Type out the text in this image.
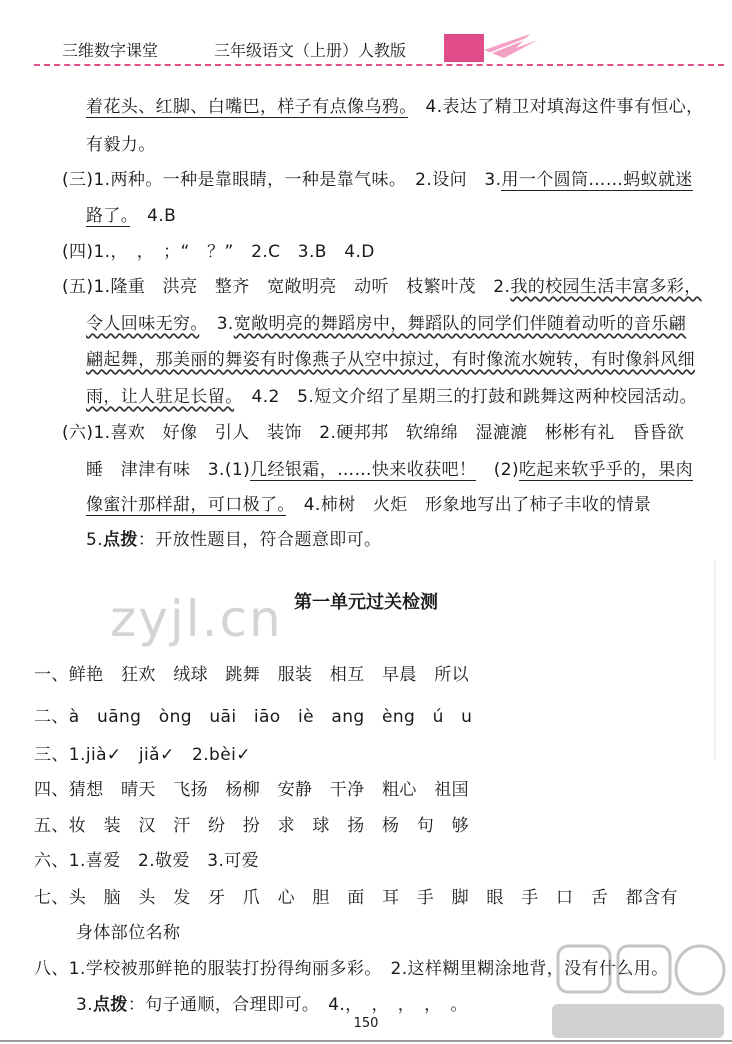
三维数字课堂	三年级语文（上册）人教版
着花头、红脚、白嘴巴，样子有点像乌鸦。　4.表达了精卫对填海这件事有恒心，
有毅力。
(三)1.两种。一种是靠眼睛，一种是靠气味。　2.设问　3.用一个圆筒……蚂蚁就迷
路了。　4.B
(四)1.，　，　；“　？”　2.C　3.B　4.D
(五)1.隆重　洪亮　整齐　宽敞明亮　动听　枝繁叶茂　2.我的校园生活丰富多彩，
令人回味无穷。　3.宽敞明亮的舞蹈房中，舞蹈队的同学们伴随着动听的音乐翩
翩起舞，那美丽的舞姿有时像燕子从空中掠过，有时像流水婉转，有时像斜风细
雨，让人驻足长留。　4.2　5.短文介绍了星期三的打鼓和跳舞这两种校园活动。
(六)1.喜欢　好像　引人　装饰　2.硬邦邦　软绵绵　湿漉漉　彬彬有礼　昏昏欲
睡　津津有味　3.(1)几经银霜，……快来收获吧！　(2)吃起来软乎乎的，果肉
像蜜汁那样甜，可口极了。　4.柿树　火炬　形象地写出了柿子丰收的情景
5.点拨：开放性题目，符合题意即可。
一、鲜艳　狂欢　绒球　跳舞　服装　相互　早晨　所以
二、à　uāng　òng　uāi　iāo　iè　ang　èng　ú　u
三、1.jià✓　jiǎ✓　2.bèi✓
四、猜想　晴天　飞扬　杨柳　安静　干净　粗心　祖国
五、妆　装　汉　汗　纷　扮　求　球　扬　杨　句　够
六、1.喜爱　2.敬爱　3.可爱
七、头　脑　头　发　牙　爪　心　胆　面　耳　手　脚　眼　手　口　舌　都含有
身体部位名称
八、1.学校被那鲜艳的服装打扮得绚丽多彩。　2.这样糊里糊涂地背，没有什么用。
3.点拨：句子通顺，合理即可。　4.，　，　，　，　。
zyjl.cn 第一单元过关检测
150
